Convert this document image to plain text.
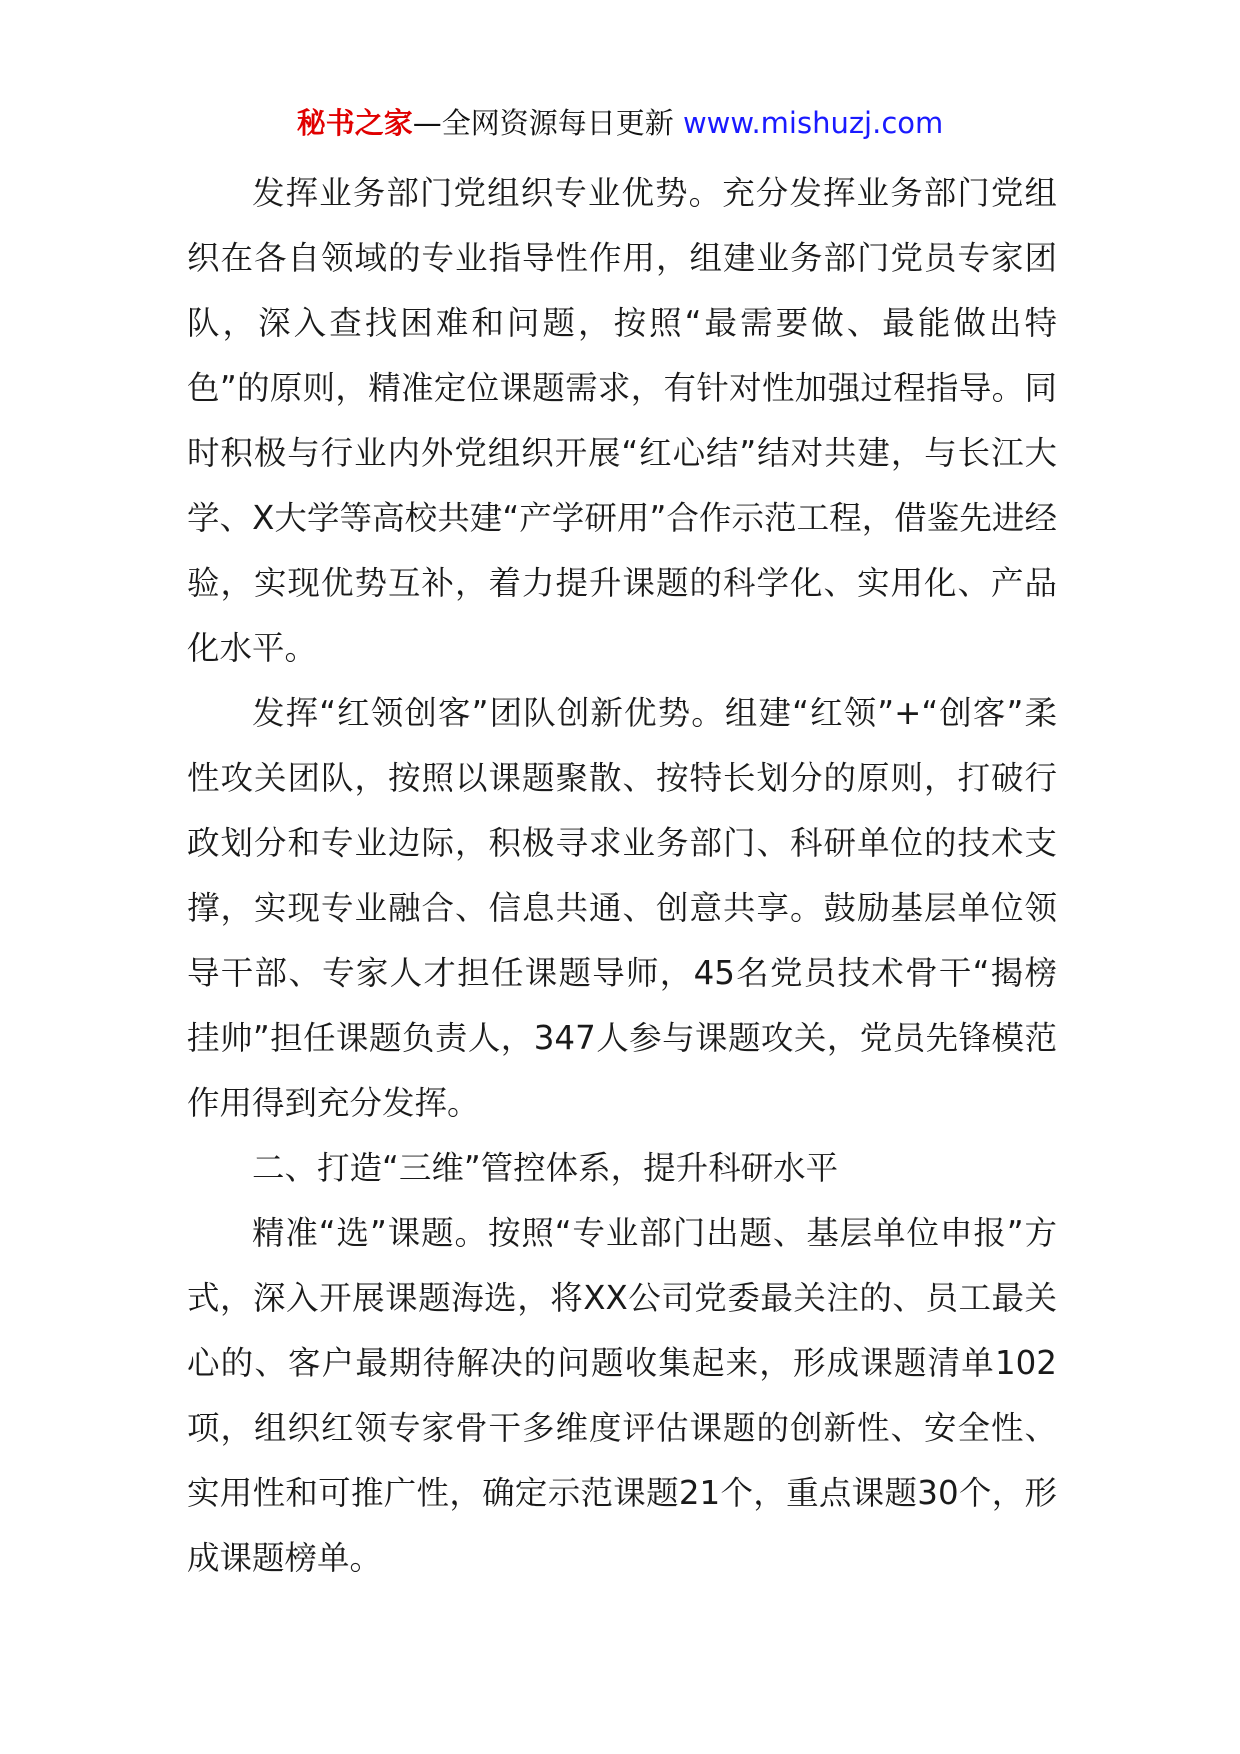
秘书之家—全网资源每日更新 www.mishuzj.com

发挥业务部门党组织专业优势。充分发挥业务部门党组织在各自领域的专业指导性作用，组建业务部门党员专家团队，深入查找困难和问题，按照“最需要做、最能做出特色”的原则，精准定位课题需求，有针对性加强过程指导。同时积极与行业内外党组织开展“红心结”结对共建，与长江大学、X大学等高校共建“产学研用”合作示范工程，借鉴先进经验，实现优势互补，着力提升课题的科学化、实用化、产品化水平。

发挥“红领创客”团队创新优势。组建“红领”+“创客”柔性攻关团队，按照以课题聚散、按特长划分的原则，打破行政划分和专业边际，积极寻求业务部门、科研单位的技术支撑，实现专业融合、信息共通、创意共享。鼓励基层单位领导干部、专家人才担任课题导师，45名党员技术骨干“揭榜挂帅”担任课题负责人，347人参与课题攻关，党员先锋模范作用得到充分发挥。

二、打造“三维”管控体系，提升科研水平

精准“选”课题。按照“专业部门出题、基层单位申报”方式，深入开展课题海选，将XX公司党委最关注的、员工最关心的、客户最期待解决的问题收集起来，形成课题清单102项，组织红领专家骨干多维度评估课题的创新性、安全性、实用性和可推广性，确定示范课题21个，重点课题30个，形成课题榜单。
